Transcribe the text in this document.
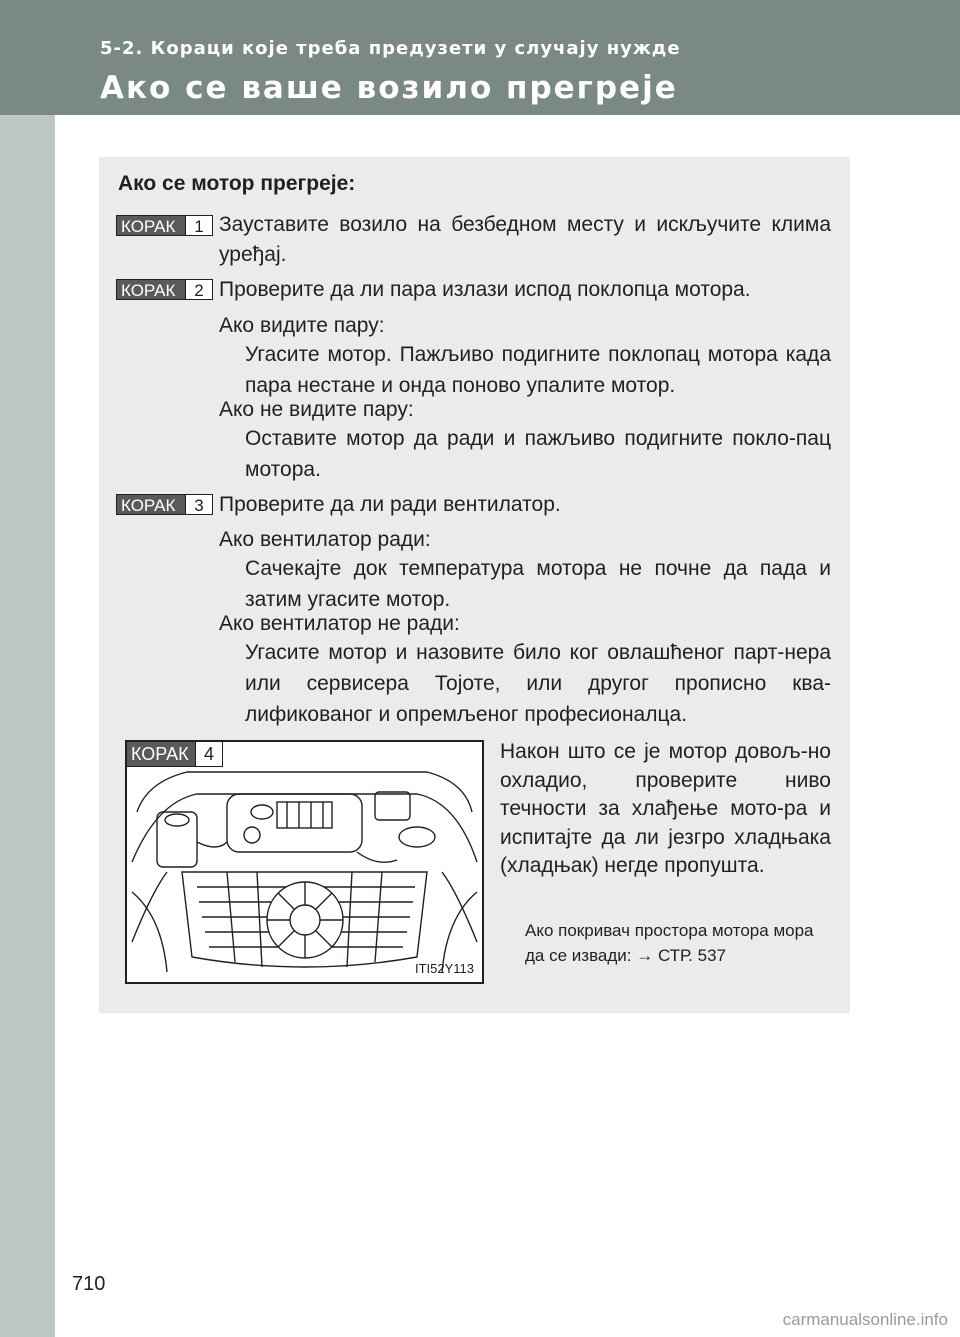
5-2. Кораци које треба предузети у случају нужде

Ако се ваше возило прегреје
Ако се мотор прегреје:
КОРАК	1 Зауставите возило на безбедном месту и искључите клима уређај.

КОРАК	2 Проверите да ли пара излази испод поклопца мотора.

Ако видите пару:

Угасите мотор. Пажљиво подигните поклопац мотора када пара нестане и онда поново упалите мотор.

Ако не видите пару:

Оставите мотор да ради и пажљиво подигните покло-пац мотора.

КОРАК	3 Проверите да ли ради вентилатор.

Ако вентилатор ради:

Сачекајте док температура мотора не почне да пада и затим угасите мотор.

Ако вентилатор не ради:

Угасите мотор и назовите било ког овлашћеног парт-нера или сервисера Тојоте, или другог прописно ква-лификованог и опремљеног професионалца.

КОРАК 4
ITI52Y113

Након што се је мотор довољ-но охладио, проверите ниво течности за хлађење мото-ра и испитајте да ли језгро хладњака (хладњак) негде пропушта.

Ако покривач простора мотора мора да се извади: → СТР. 537

710

carmanualsonline.info
